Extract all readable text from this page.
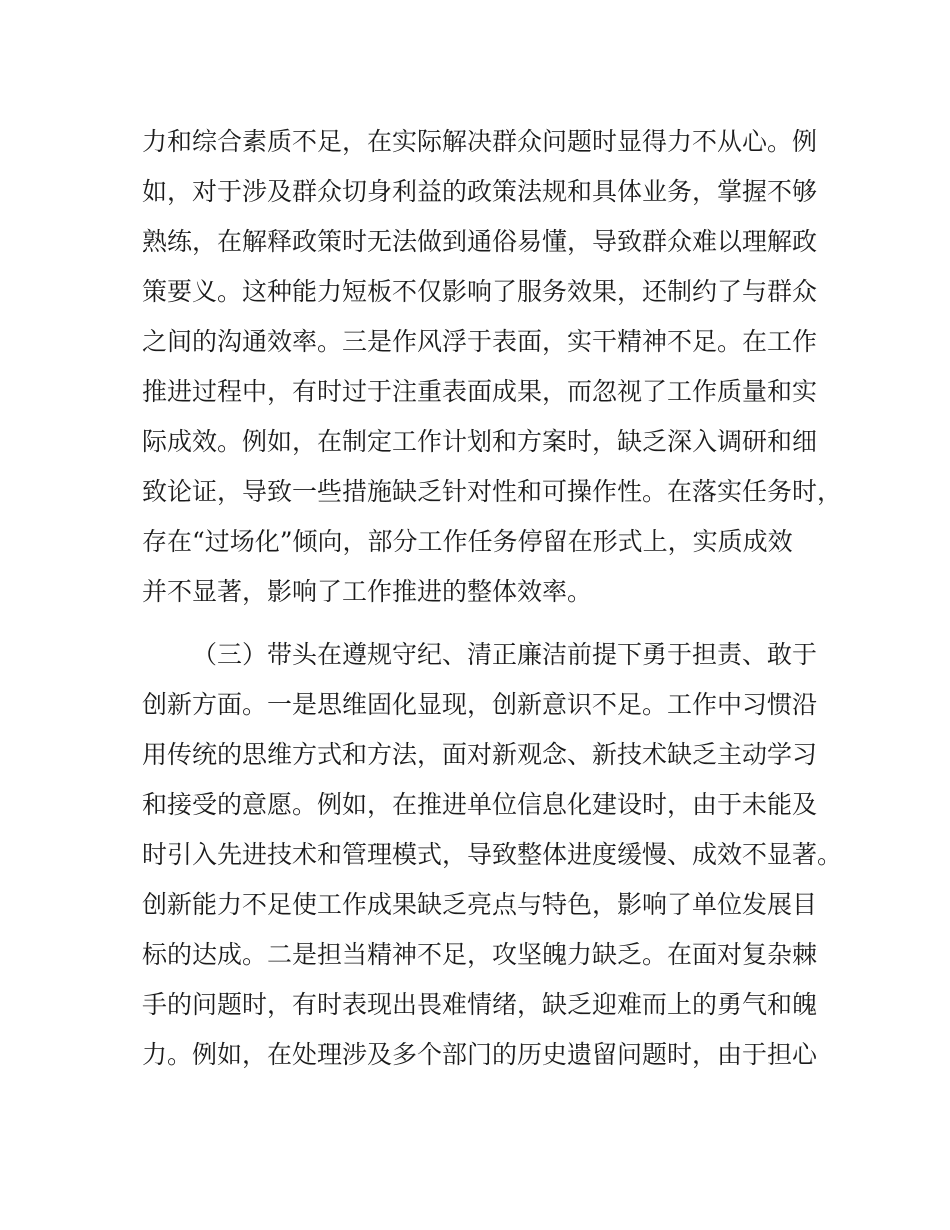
力和综合素质不足，在实际解决群众问题时显得力不从心。例
如，对于涉及群众切身利益的政策法规和具体业务，掌握不够
熟练，在解释政策时无法做到通俗易懂，导致群众难以理解政
策要义。这种能力短板不仅影响了服务效果，还制约了与群众
之间的沟通效率。三是作风浮于表面，实干精神不足。在工作
推进过程中，有时过于注重表面成果，而忽视了工作质量和实
际成效。例如，在制定工作计划和方案时，缺乏深入调研和细
致论证，导致一些措施缺乏针对性和可操作性。在落实任务时，
存在“过场化”倾向，部分工作任务停留在形式上，实质成效
并不显著，影响了工作推进的整体效率。
（三）带头在遵规守纪、清正廉洁前提下勇于担责、敢于
创新方面。一是思维固化显现，创新意识不足。工作中习惯沿
用传统的思维方式和方法，面对新观念、新技术缺乏主动学习
和接受的意愿。例如，在推进单位信息化建设时，由于未能及
时引入先进技术和管理模式，导致整体进度缓慢、成效不显著。
创新能力不足使工作成果缺乏亮点与特色，影响了单位发展目
标的达成。二是担当精神不足，攻坚魄力缺乏。在面对复杂棘
手的问题时，有时表现出畏难情绪，缺乏迎难而上的勇气和魄
力。例如，在处理涉及多个部门的历史遗留问题时，由于担心
